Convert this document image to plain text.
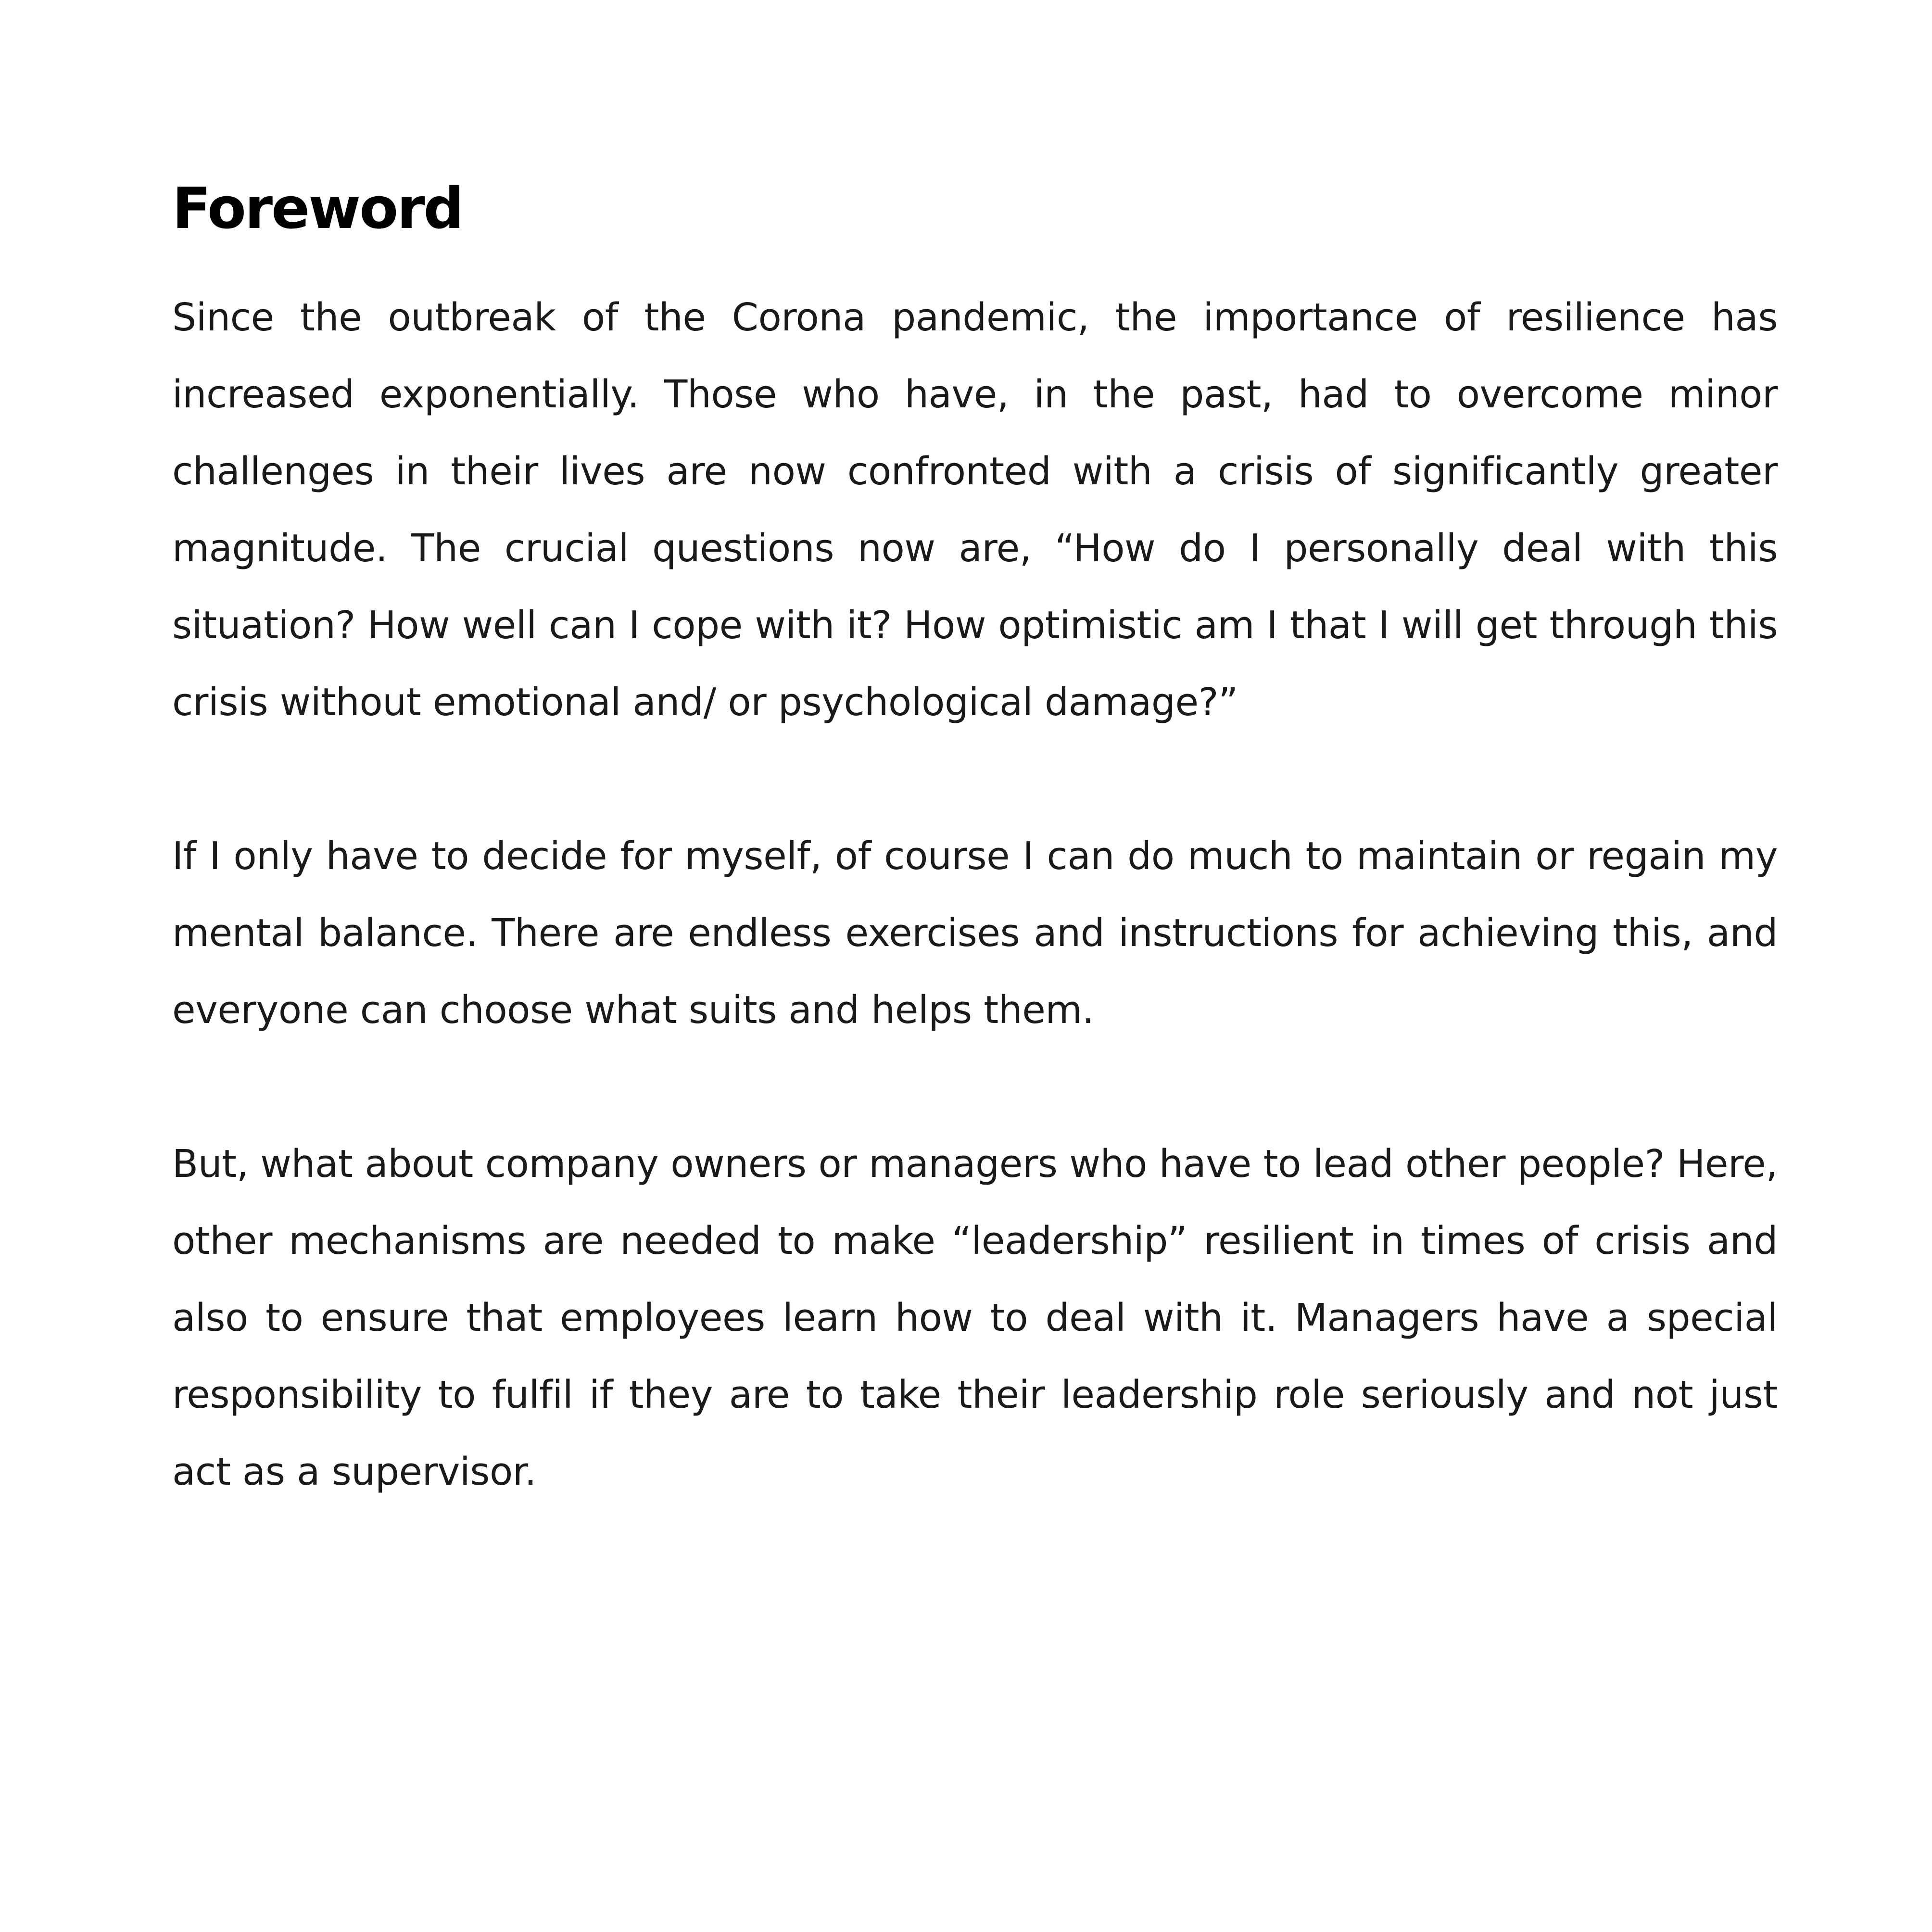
Foreword

Since the outbreak of the Corona pandemic, the importance of resilience has increased exponentially. Those who have, in the past, had to overcome minor challenges in their lives are now confronted with a crisis of significantly greater magnitude. The crucial questions now are, “How do I personally deal with this situation? How well can I cope with it? How optimistic am I that I will get through this crisis without emotional and/ or psychological damage?”

If I only have to decide for myself, of course I can do much to maintain or regain my mental balance. There are endless exercises and instructions for achieving this, and everyone can choose what suits and helps them.

But, what about company owners or managers who have to lead other people? Here, other mechanisms are needed to make “leadership” resilient in times of crisis and also to ensure that employees learn how to deal with it. Managers have a special responsibility to fulfil if they are to take their leadership role seriously and not just act as a supervisor.
